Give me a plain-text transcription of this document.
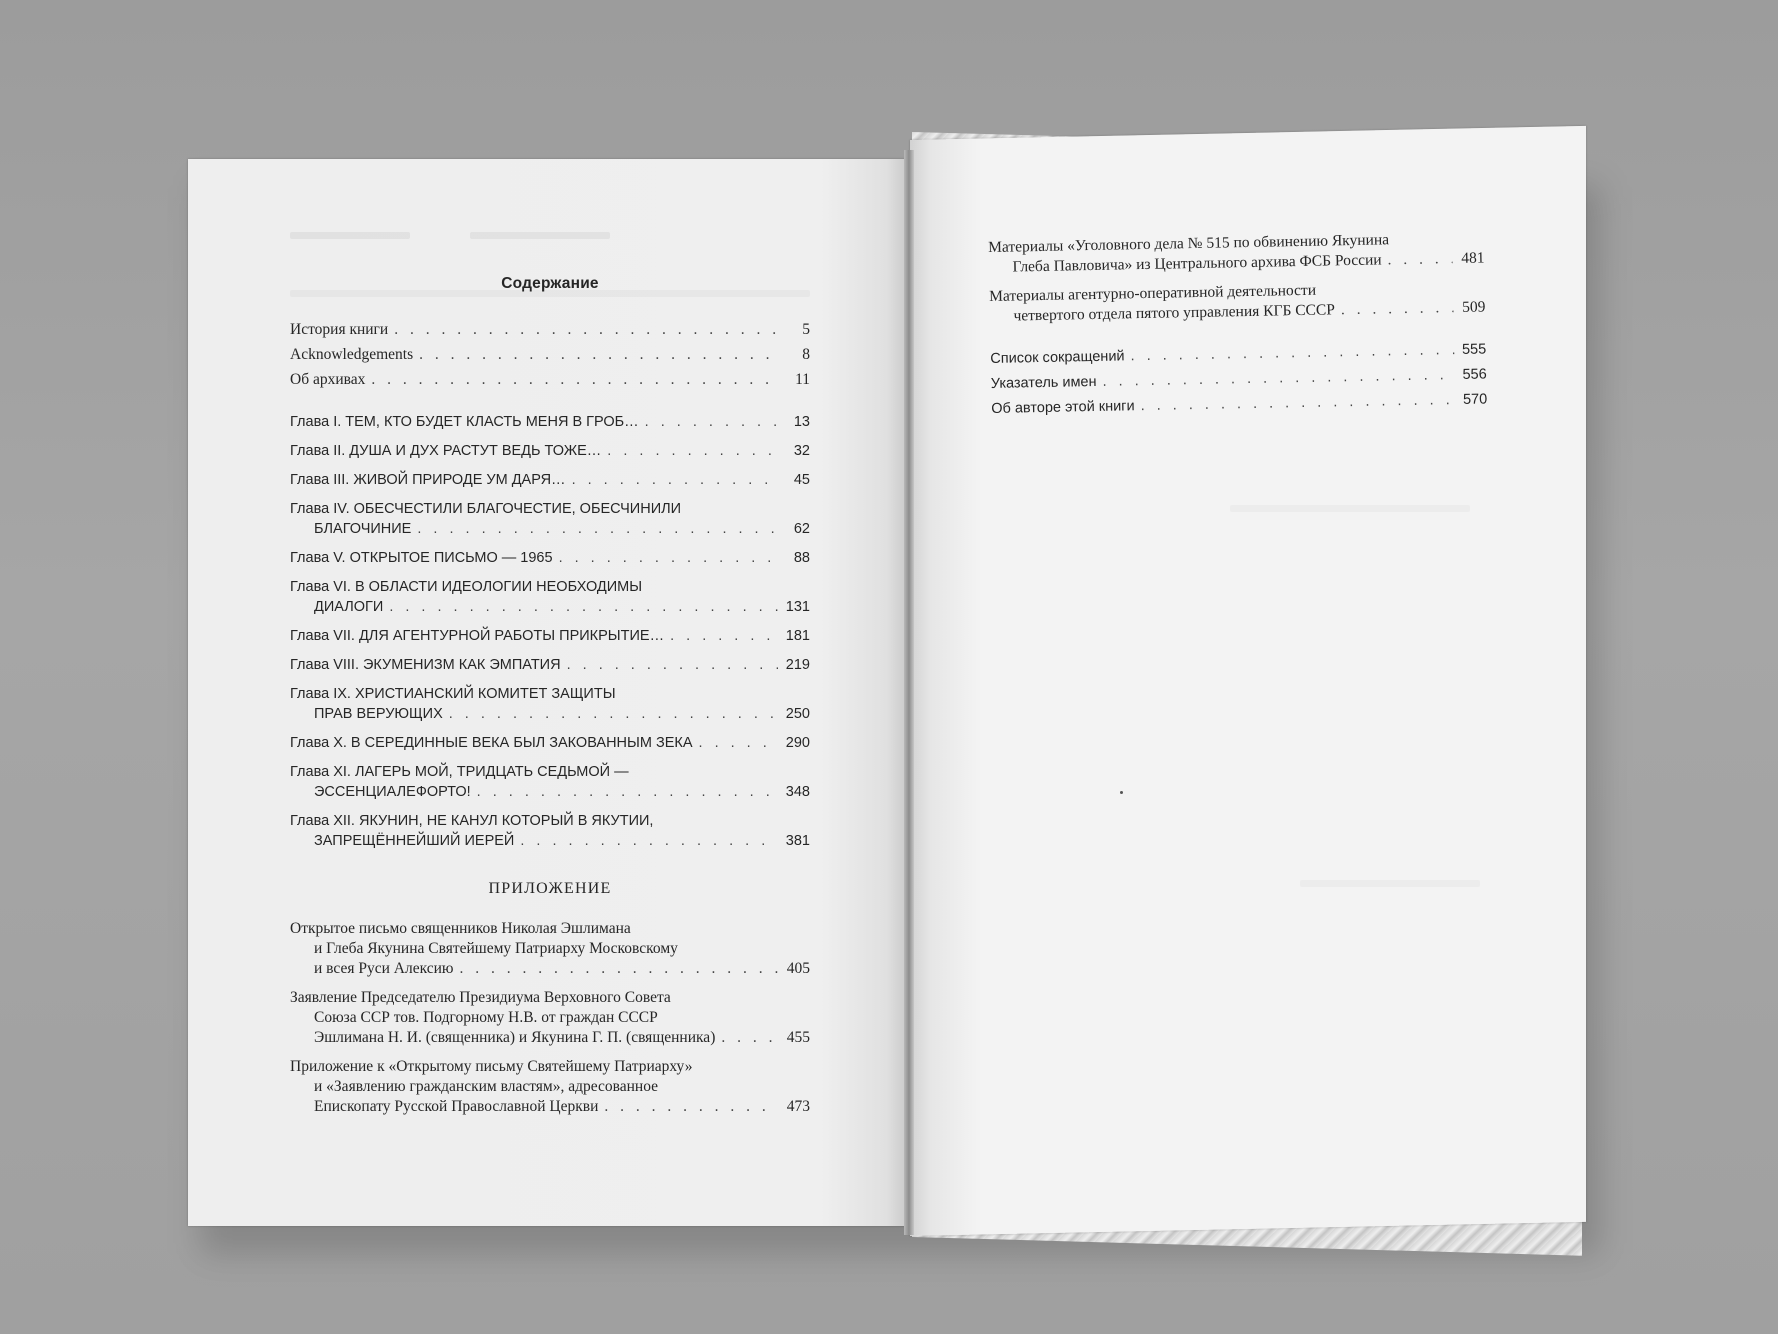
Содержание
История книги . . .	5
Acknowledgements . . .	8
Об архивах . . .	11
Глава I. ТЕМ, КТО БУДЕТ КЛАСТЬ МЕНЯ В ГРОБ… . . .	13
Глава II. ДУША И ДУХ РАСТУТ ВЕДЬ ТОЖЕ… . . .	32
Глава III. ЖИВОЙ ПРИРОДЕ УМ ДАРЯ… . . .	45
Глава IV. ОБЕСЧЕСТИЛИ БЛАГОЧЕСТИЕ, ОБЕСЧИНИЛИ
БЛАГОЧИНИЕ . . .	62
Глава V. ОТКРЫТОЕ ПИСЬМО — 1965 . . .	88
Глава VI. В ОБЛАСТИ ИДЕОЛОГИИ НЕОБХОДИМЫ
ДИАЛОГИ . . .	131
Глава VII. ДЛЯ АГЕНТУРНОЙ РАБОТЫ ПРИКРЫТИЕ… . . .	181
Глава VIII. ЭКУМЕНИЗМ КАК ЭМПАТИЯ . . .	219
Глава IX. ХРИСТИАНСКИЙ КОМИТЕТ ЗАЩИТЫ
ПРАВ ВЕРУЮЩИХ . . .	250
Глава X. В СЕРЕДИННЫЕ ВЕКА БЫЛ ЗАКОВАННЫМ ЗЕКА . . .	290
Глава XI. ЛАГЕРЬ МОЙ, ТРИДЦАТЬ СЕДЬМОЙ —
ЭССЕНЦИАЛЕФОРТО! . . .	348
Глава XII. ЯКУНИН, НЕ КАНУЛ КОТОРЫЙ В ЯКУТИИ,
ЗАПРЕЩЁННЕЙШИЙ ИЕРЕЙ . . .	381
ПРИЛОЖЕНИЕ
Открытое письмо священников Николая Эшлимана
и Глеба Якунина Святейшему Патриарху Московскому
и всея Руси Алексию . . .	405
Заявление Председателю Президиума Верховного Совета
Союза ССР тов. Подгорному Н.В. от граждан СССР
Эшлимана Н. И. (священника) и Якунина Г. П. (священника) . . .	455
Приложение к «Открытому письму Святейшему Патриарху»
и «Заявлению гражданским властям», адресованное
Епископату Русской Православной Церкви . . .	473
Материалы «Уголовного дела № 515 по обвинению Якунина
Глеба Павловича» из Центрального архива ФСБ России . . .	481
Материалы агентурно-оперативной деятельности
четвертого отдела пятого управления КГБ СССР . . .	509
Список сокращений . . .	555
Указатель имен . . .	556
Об авторе этой книги . . .	570
